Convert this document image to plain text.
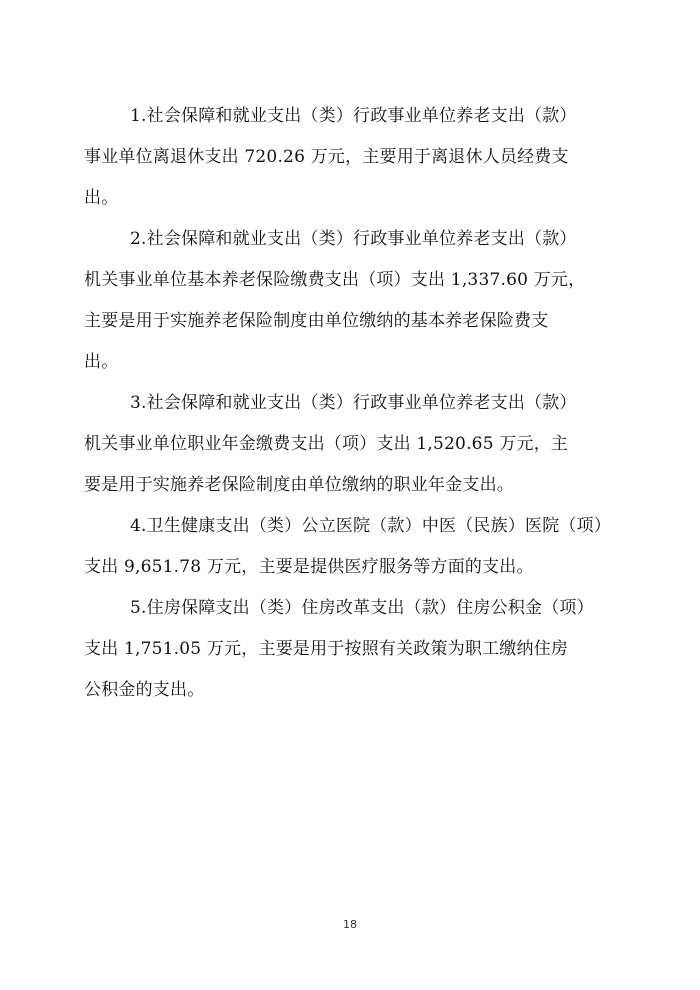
1.社会保障和就业支出（类）行政事业单位养老支出（款）
事业单位离退休支出 720.26 万元，主要用于离退休人员经费支
出。
2.社会保障和就业支出（类）行政事业单位养老支出（款）
机关事业单位基本养老保险缴费支出（项）支出 1,337.60 万元，
主要是用于实施养老保险制度由单位缴纳的基本养老保险费支
出。
3.社会保障和就业支出（类）行政事业单位养老支出（款）
机关事业单位职业年金缴费支出（项）支出 1,520.65 万元，主
要是用于实施养老保险制度由单位缴纳的职业年金支出。
4.卫生健康支出（类）公立医院（款）中医（民族）医院（项）
支出 9,651.78 万元，主要是提供医疗服务等方面的支出。
5.住房保障支出（类）住房改革支出（款）住房公积金（项）
支出 1,751.05 万元，主要是用于按照有关政策为职工缴纳住房
公积金的支出。
18
